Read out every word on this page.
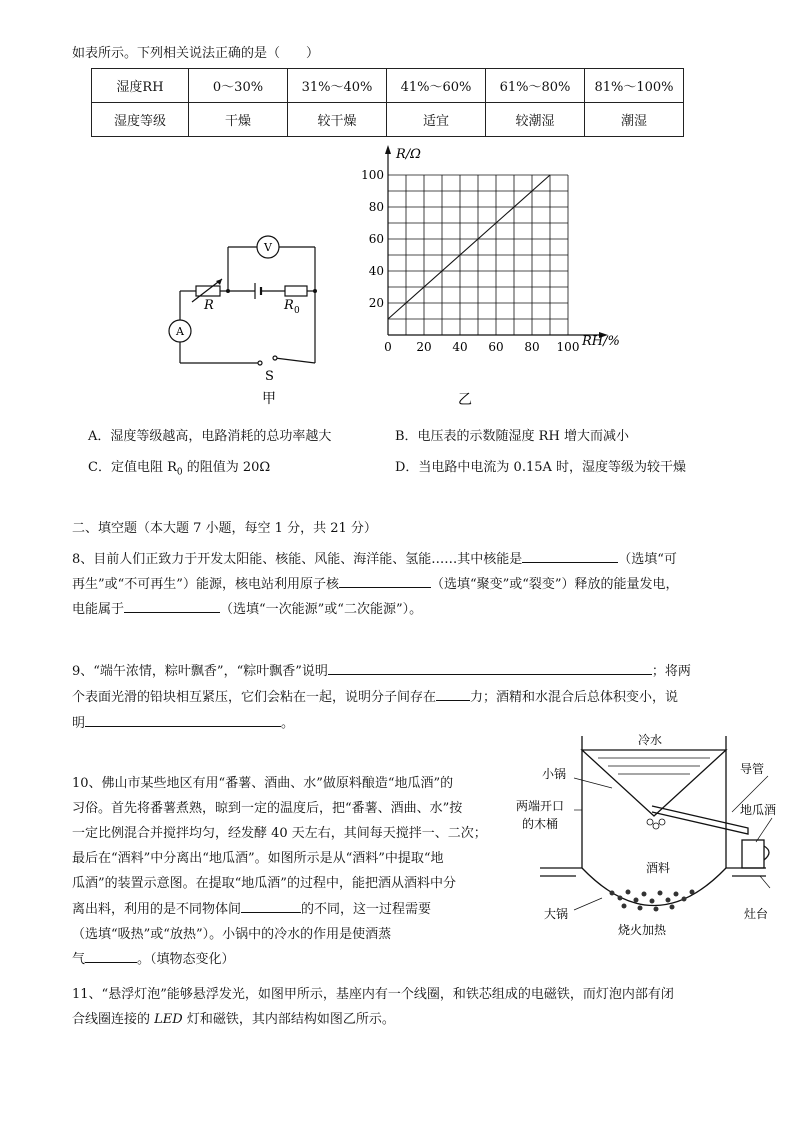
如表所示。下列相关说法正确的是（　　）
湿度RH	0～30%	31%～40%	41%～60%	61%～80%	81%～100%
湿度等级	干燥	较干燥	适宜	较潮湿	潮湿
V
A
R	R 0
S
甲
0 20 40 60 80 100
20
40
60
80
100
R/Ω
RH/%
乙
A．湿度等级越高，电路消耗的总功率越大	B．电压表的示数随湿度 RH 增大而减小
C．定值电阻 $R_0$ 的阻值为 20Ω	D．当电路中电流为 0.15A 时，湿度等级为较干燥
二、填空题（本大题 7 小题，每空 1 分，共 21 分）
8、目前人们正致力于开发太阳能、核能、风能、海洋能、氢能……其中核能是	（选填“可
再生”或“不可再生”）能源，核电站利用原子核	（选填“聚变”或“裂变”）释放的能量发电，
电能属于	（选填“一次能源”或“二次能源”）。
9、“端午浓情，粽叶飘香”，“粽叶飘香”说明	；将两
个表面光滑的铅块相互紧压，它们会粘在一起，说明分子间存在	力；酒精和水混合后总体积变小，说
明	。
10、佛山市某些地区有用“番薯、酒曲、水”做原料酿造“地瓜酒”的
习俗。首先将番薯煮熟，晾到一定的温度后，把“番薯、酒曲、水”按
一定比例混合并搅拌均匀，经发酵 40 天左右，其间每天搅拌一、二次；
最后在“酒料”中分离出“地瓜酒”。如图所示是从“酒料”中提取“地
瓜酒”的装置示意图。在提取“地瓜酒”的过程中，能把酒从酒料中分
离出料，利用的是不同物体间	的不同，这一过程需要
（选填“吸热”或“放热”）。小锅中的冷水的作用是使酒蒸
气	。（填物态变化）
冷水
小锅	导管
两端开口
的木桶
地瓜酒
酒料
大锅	灶台
烧火加热
11、“悬浮灯泡”能够悬浮发光，如图甲所示，基座内有一个线圈，和铁芯组成的电磁铁，而灯泡内部有闭
合线圈连接的 LED 灯和磁铁，其内部结构如图乙所示。
